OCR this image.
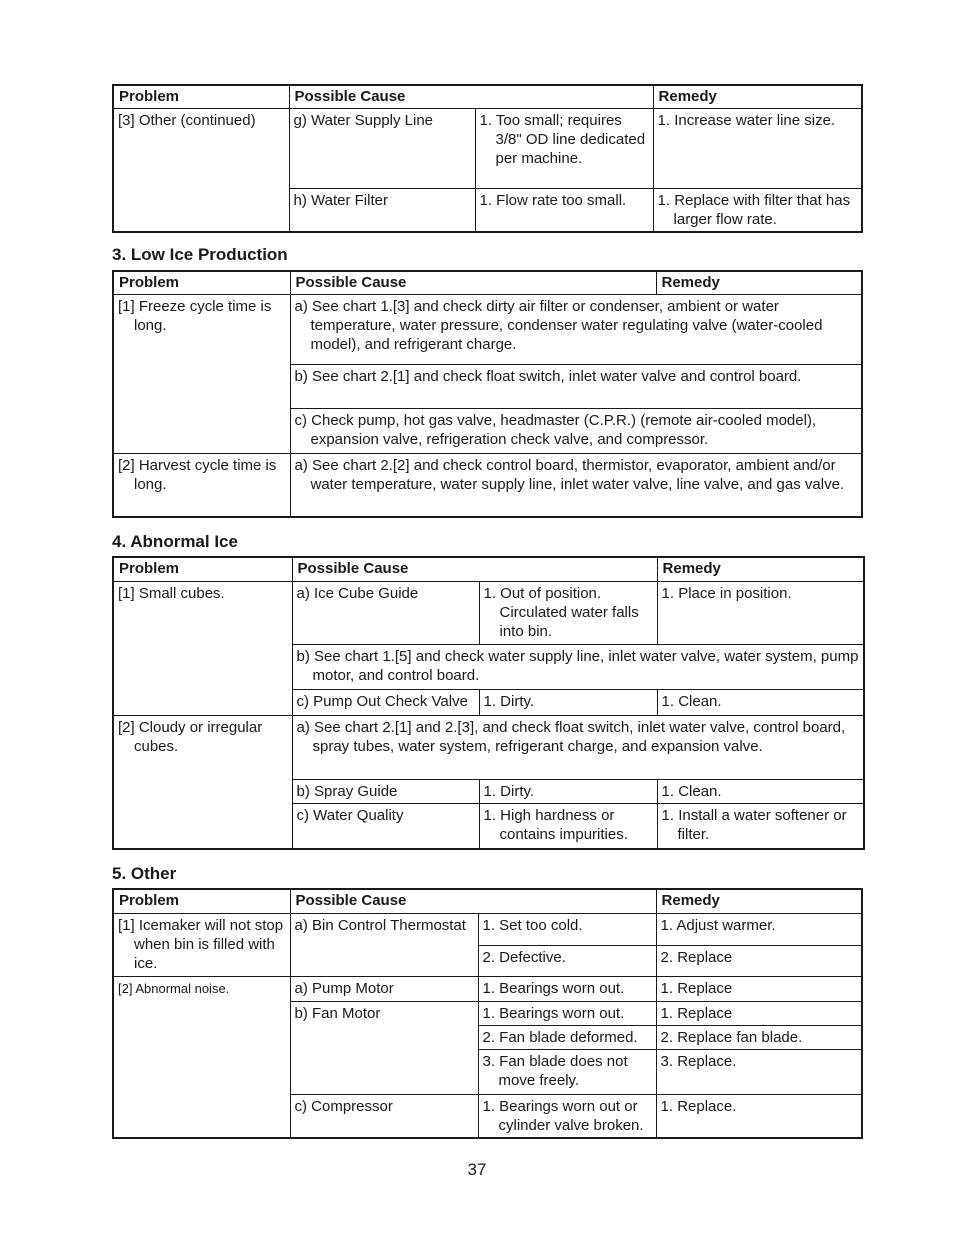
Problem	Possible Cause		Remedy
[3] Other (continued)	g) Water Supply Line	1. Too small; requires 3/8" OD line dedicated per machine.	1. Increase water line size.
	h) Water Filter	1. Flow rate too small.	1. Replace with filter that has larger flow rate.
3. Low Ice Production
Problem	Possible Cause	Remedy
[1] Freeze cycle time is long.	a) See chart 1.[3] and check dirty air filter or condenser, ambient or water temperature, water pressure, condenser water regulating valve (water-cooled model), and refrigerant charge.	
	b) See chart 2.[1] and check float switch, inlet water valve and control board.	
	c) Check pump, hot gas valve, headmaster (C.P.R.) (remote air-cooled model), expansion valve, refrigeration check valve, and compressor.	
[2] Harvest cycle time is long.	a) See chart 2.[2] and check control board, thermistor, evaporator, ambient and/or water temperature, water supply line, inlet water valve, line valve, and gas valve.	
4. Abnormal Ice
Problem	Possible Cause		Remedy
[1] Small cubes.	a) Ice Cube Guide	1. Out of position. Circulated water falls into bin.	1. Place in position.
	b) See chart 1.[5] and check water supply line, inlet water valve, water system, pump motor, and control board.		
	c) Pump Out Check Valve	1. Dirty.	1. Clean.
[2] Cloudy or irregular cubes.	a) See chart 2.[1] and 2.[3], and check float switch, inlet water valve, control board, spray tubes, water system, refrigerant charge, and expansion valve.		
	b) Spray Guide	1. Dirty.	1. Clean.
	c) Water Quality	1. High hardness or contains impurities.	1. Install a water softener or filter.
5. Other
Problem	Possible Cause		Remedy
[1] Icemaker will not stop when bin is filled with ice.	a) Bin Control Thermostat	1. Set too cold.	1. Adjust warmer.
		2. Defective.	2. Replace
[2] Abnormal noise.	a) Pump Motor	1. Bearings worn out.	1. Replace
	b) Fan Motor	1. Bearings worn out.	1. Replace
		2. Fan blade deformed.	2. Replace fan blade.
		3. Fan blade does not move freely.	3. Replace.
	c) Compressor	1. Bearings worn out or cylinder valve broken.	1. Replace.
37
